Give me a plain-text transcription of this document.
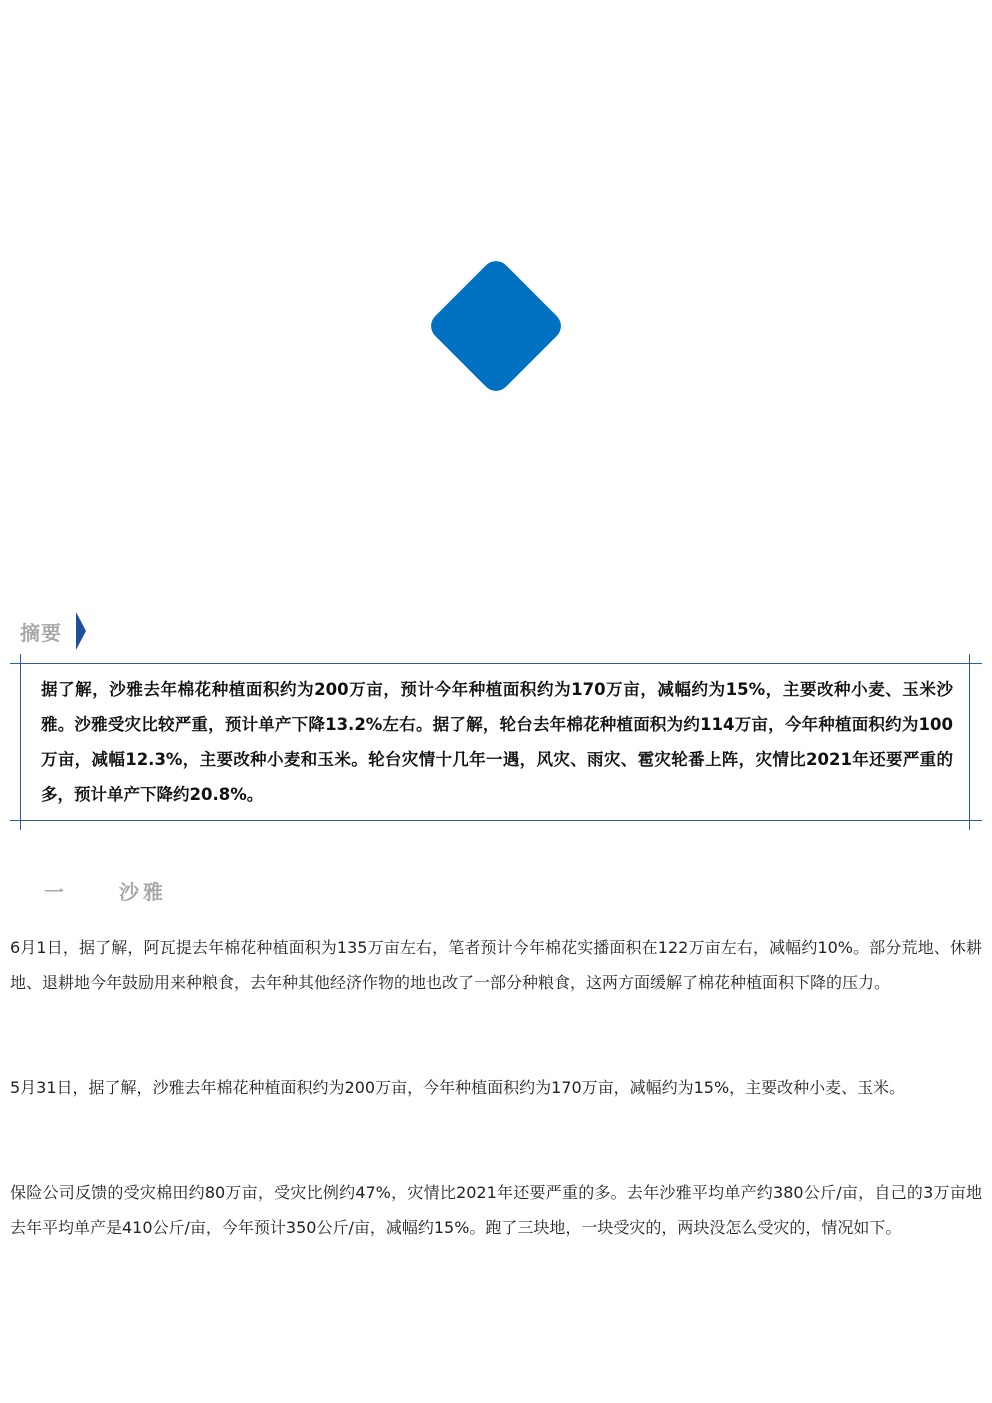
摘要

据了解，沙雅去年棉花种植面积约为200万亩，预计今年种植面积约为170万亩，减幅约为15%，主要改种小麦、玉米沙雅。沙雅受灾比较严重，预计单产下降13.2%左右。据了解，轮台去年棉花种植面积为约114万亩，今年种植面积约为100万亩，减幅12.3%，主要改种小麦和玉米。轮台灾情十几年一遇，风灾、雨灾、雹灾轮番上阵，灾情比2021年还要严重的多，预计单产下降约20.8%。

一	沙雅

6月1日，据了解，阿瓦提去年棉花种植面积为135万亩左右，笔者预计今年棉花实播面积在122万亩左右，减幅约10%。部分荒地、休耕地、退耕地今年鼓励用来种粮食，去年种其他经济作物的地也改了一部分种粮食，这两方面缓解了棉花种植面积下降的压力。

5月31日，据了解，沙雅去年棉花种植面积约为200万亩，今年种植面积约为170万亩，减幅约为15%，主要改种小麦、玉米。

保险公司反馈的受灾棉田约80万亩，受灾比例约47%，灾情比2021年还要严重的多。去年沙雅平均单产约380公斤/亩，自己的3万亩地去年平均单产是410公斤/亩，今年预计350公斤/亩，减幅约15%。跑了三块地，一块受灾的，两块没怎么受灾的，情况如下。
